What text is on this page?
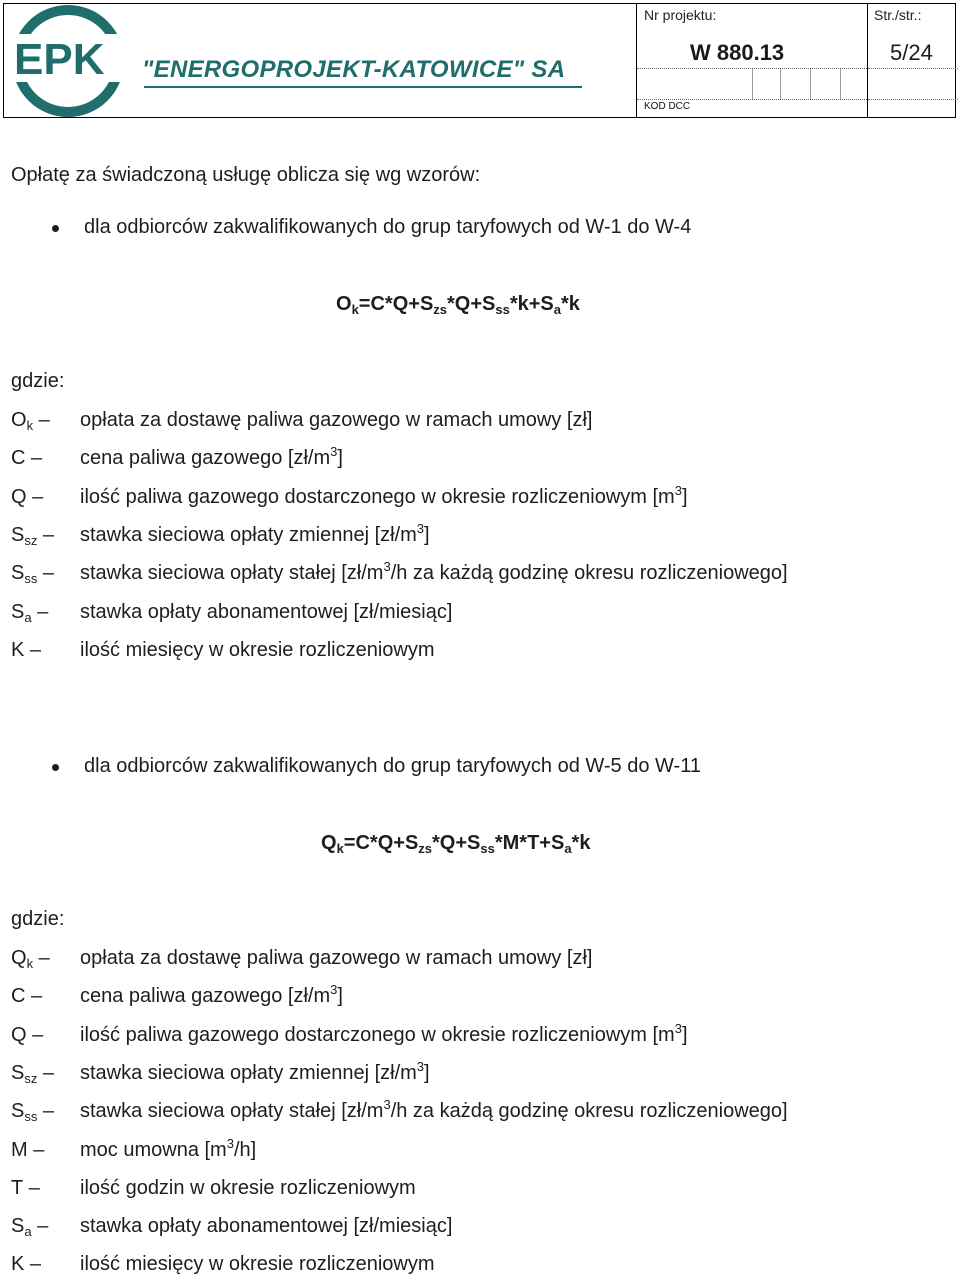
EPK "ENERGOPROJEKT-KATOWICE" SA
Nr projektu:
W 880.13
Str./str.:
5/24
KOD DCC
Opłatę za świadczoną usługę oblicza się wg wzorów:
dla odbiorców zakwalifikowanych do grup taryfowych od W-1 do W-4
$O_k=C*Q+S_{zs}*Q+S_{ss}*k+S_a*k$
gdzie:
$O_k$ – opłata za dostawę paliwa gazowego w ramach umowy [zł]
C – cena paliwa gazowego $[zł/m^3]$
Q – ilość paliwa gazowego dostarczonego w okresie rozliczeniowym $[m^3]$
$S_{sz}$ – stawka sieciowa opłaty zmiennej $[zł/m^3]$
$S_{ss}$ – stawka sieciowa opłaty stałej [$zł/m^3/h$ za każdą godzinę okresu rozliczeniowego]
$S_a$ – stawka opłaty abonamentowej [zł/miesiąc]
K – ilość miesięcy w okresie rozliczeniowym
dla odbiorców zakwalifikowanych do grup taryfowych od W-5 do W-11
$Q_k=C*Q+S_{zs}*Q+S_{ss}*M*T+S_a*k$
gdzie:
$Q_k$ – opłata za dostawę paliwa gazowego w ramach umowy [zł]
C – cena paliwa gazowego $[zł/m^3]$
Q – ilość paliwa gazowego dostarczonego w okresie rozliczeniowym $[m^3]$
$S_{sz}$ – stawka sieciowa opłaty zmiennej $[zł/m^3]$
$S_{ss}$ – stawka sieciowa opłaty stałej [$zł/m^3/h$ za każdą godzinę okresu rozliczeniowego]
M – moc umowna $[m^3/h]$
T – ilość godzin w okresie rozliczeniowym
$S_a$ – stawka opłaty abonamentowej [zł/miesiąc]
K – ilość miesięcy w okresie rozliczeniowym
